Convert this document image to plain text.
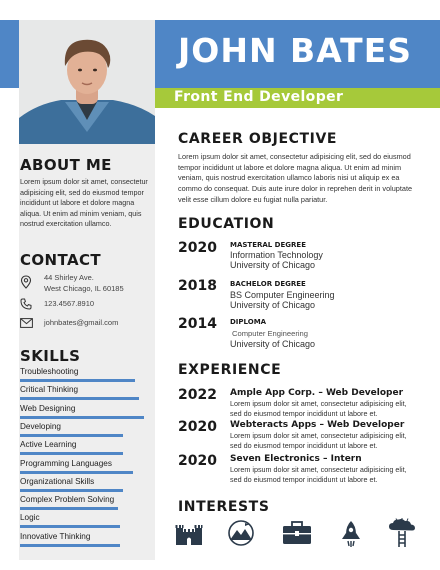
JOHN BATES
Front End Developer
ABOUT ME
Lorem ipsum dolor sit amet, consectetur adipisicing elit, sed do eiusmod tempor incididunt ut labore et dolore magna aliqua. Ut enim ad minim veniam, quis nostrud exercitation ullamco.
CONTACT
44 Shirley Ave.
West Chicago, IL 60185
123.4567.8910
johnbates@gmail.com
SKILLS
Troubleshooting
Critical Thinking
Web Designing
Developing
Active Learning
Programming Languages
Organizational Skills
Complex Problem Solving
Logic
Innovative Thinking
CAREER OBJECTIVE
Lorem ipsum dolor sit amet, consectetur adipisicing elit, sed do eiusmod tempor incididunt ut labore et dolore magna aliqua. Ut enim ad minim veniam, quis nostrud exercitation ullamco laboris nisi ut aliquip ex ea commo do consequat. Duis aute irure dolor in reprehen derit in voluptate velit esse cillum dolore eu fugiat nulla pariatur.
EDUCATION
2020 MASTERAL DEGREE
Information Technology
University of Chicago
2018 BACHELOR DEGREE
BS Computer Engineering
University of Chicago
2014 DIPLOMA
Computer Engineering
University of Chicago
EXPERIENCE
2022 Ample App Corp. – Web Developer
Lorem ipsum dolor sit amet, consectetur adipisicing elit, sed do eiusmod tempor incididunt ut labore et.
2020 Webteracts Apps – Web Developer
Lorem ipsum dolor sit amet, consectetur adipisicing elit, sed do eiusmod tempor incididunt ut labore et.
2020 Seven Electronics – Intern
Lorem ipsum dolor sit amet, consectetur adipisicing elit, sed do eiusmod tempor incididunt ut labore et.
INTERESTS
